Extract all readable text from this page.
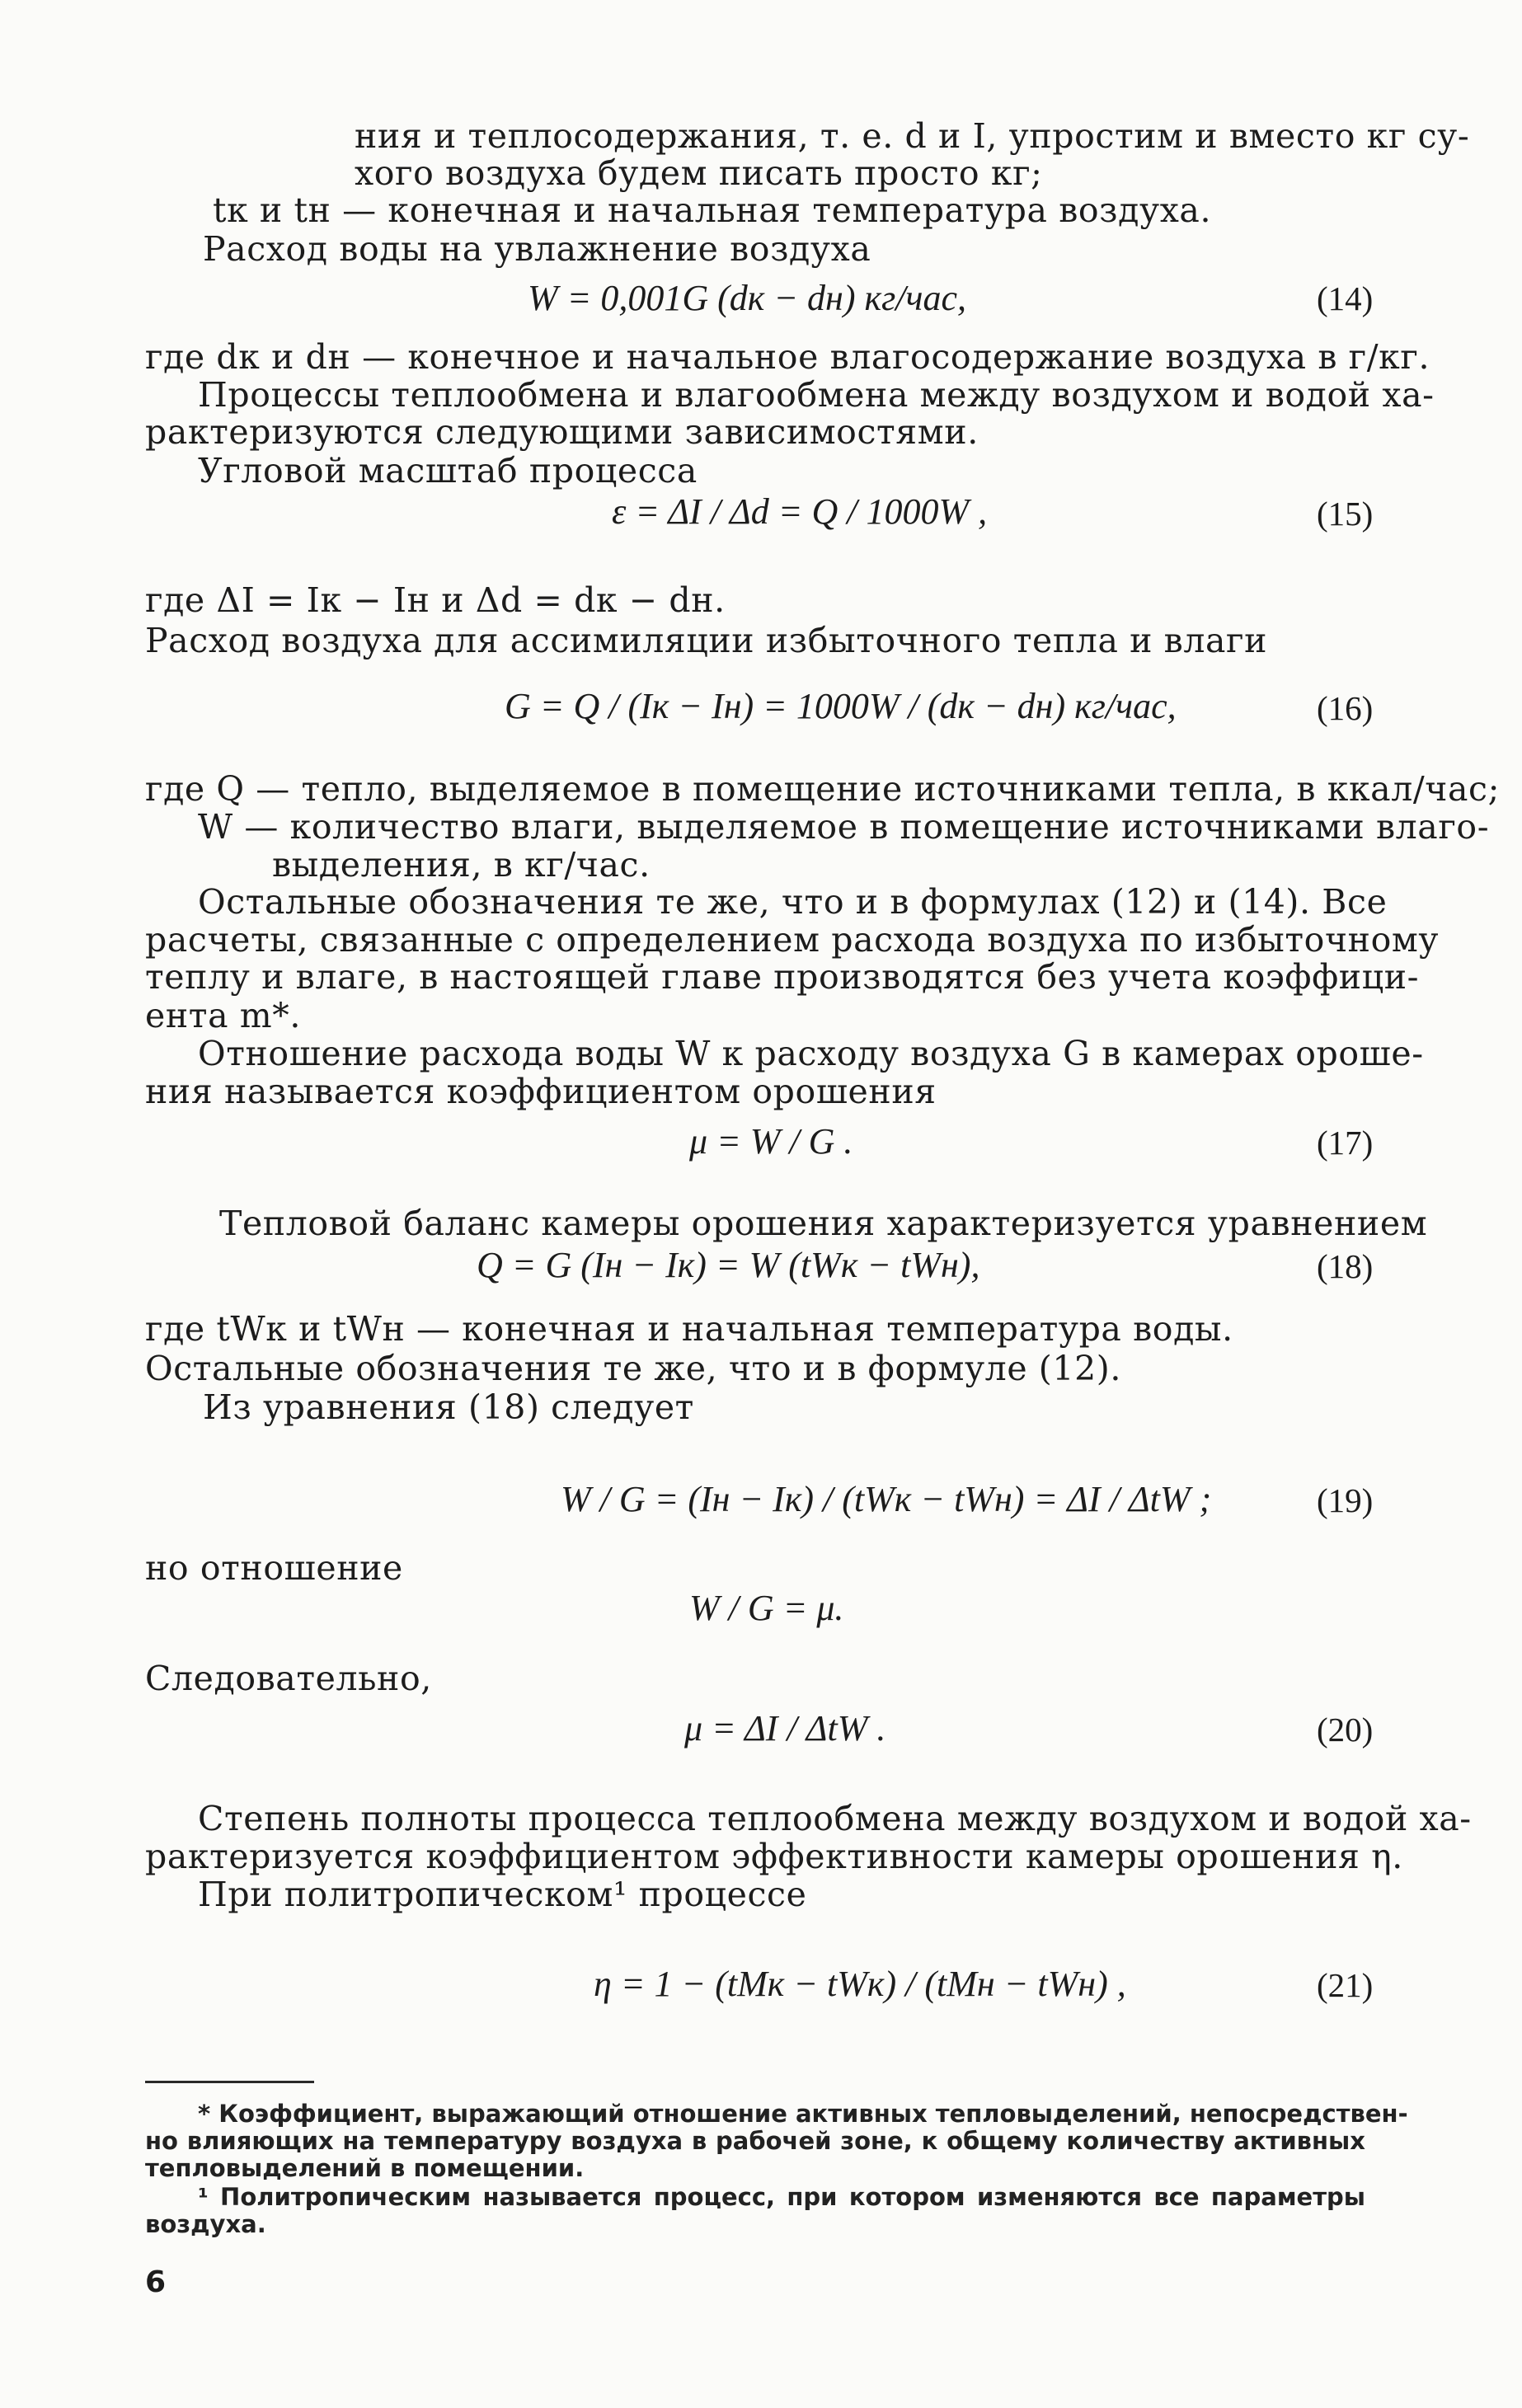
ния и теплосодержания, т. е. d и I, упростим и вместо кг су-
хого воздуха будем писать просто кг;
tк и tн — конечная и начальная температура воздуха.
Расход воды на увлажнение воздуха
W = 0,001G (dк − dн) кг/час,	(14)
где dк и dн — конечное и начальное влагосодержание воздуха в г/кг.
Процессы теплообмена и влагообмена между воздухом и водой ха-
рактеризуются следующими зависимостями.
Угловой масштаб процесса
ε = ΔI / Δd = Q / 1000W ,	(15)
где ΔI = Iк − Iн и Δd = dк − dн.
Расход воздуха для ассимиляции избыточного тепла и влаги
G = Q / (Iк − Iн) = 1000W / (dк − dн) кг/час,	(16)
где Q — тепло, выделяемое в помещение источниками тепла, в ккал/час;
W — количество влаги, выделяемое в помещение источниками влаго-
выделения, в кг/час.
Остальные обозначения те же, что и в формулах (12) и (14). Все
расчеты, связанные с определением расхода воздуха по избыточному
теплу и влаге, в настоящей главе производятся без учета коэффици-
ента m*.
Отношение расхода воды W к расходу воздуха G в камерах ороше-
ния называется коэффициентом орошения
μ = W / G .	(17)
Тепловой баланс камеры орошения характеризуется уравнением
Q = G (Iн − Iк) = W (tWк − tWн),	(18)
где tWк и tWн — конечная и начальная температура воды.
Остальные обозначения те же, что и в формуле (12).
Из уравнения (18) следует
W / G = (Iн − Iк) / (tWк − tWн) = ΔI / ΔtW ;	(19)
но отношение
W / G = μ.
Следовательно,
μ = ΔI / ΔtW .	(20)
Степень полноты процесса теплообмена между воздухом и водой ха-
рактеризуется коэффициентом эффективности камеры орошения η.
При политропическом¹ процессе
η = 1 − (tMк − tWк) / (tMн − tWн) ,	(21)
* Коэффициент, выражающий отношение активных тепловыделений, непосредствен-
но влияющих на температуру воздуха в рабочей зоне, к общему количеству активных
тепловыделений в помещении.
¹ Политропическим называется процесс, при котором изменяются все параметры
воздуха.
6
